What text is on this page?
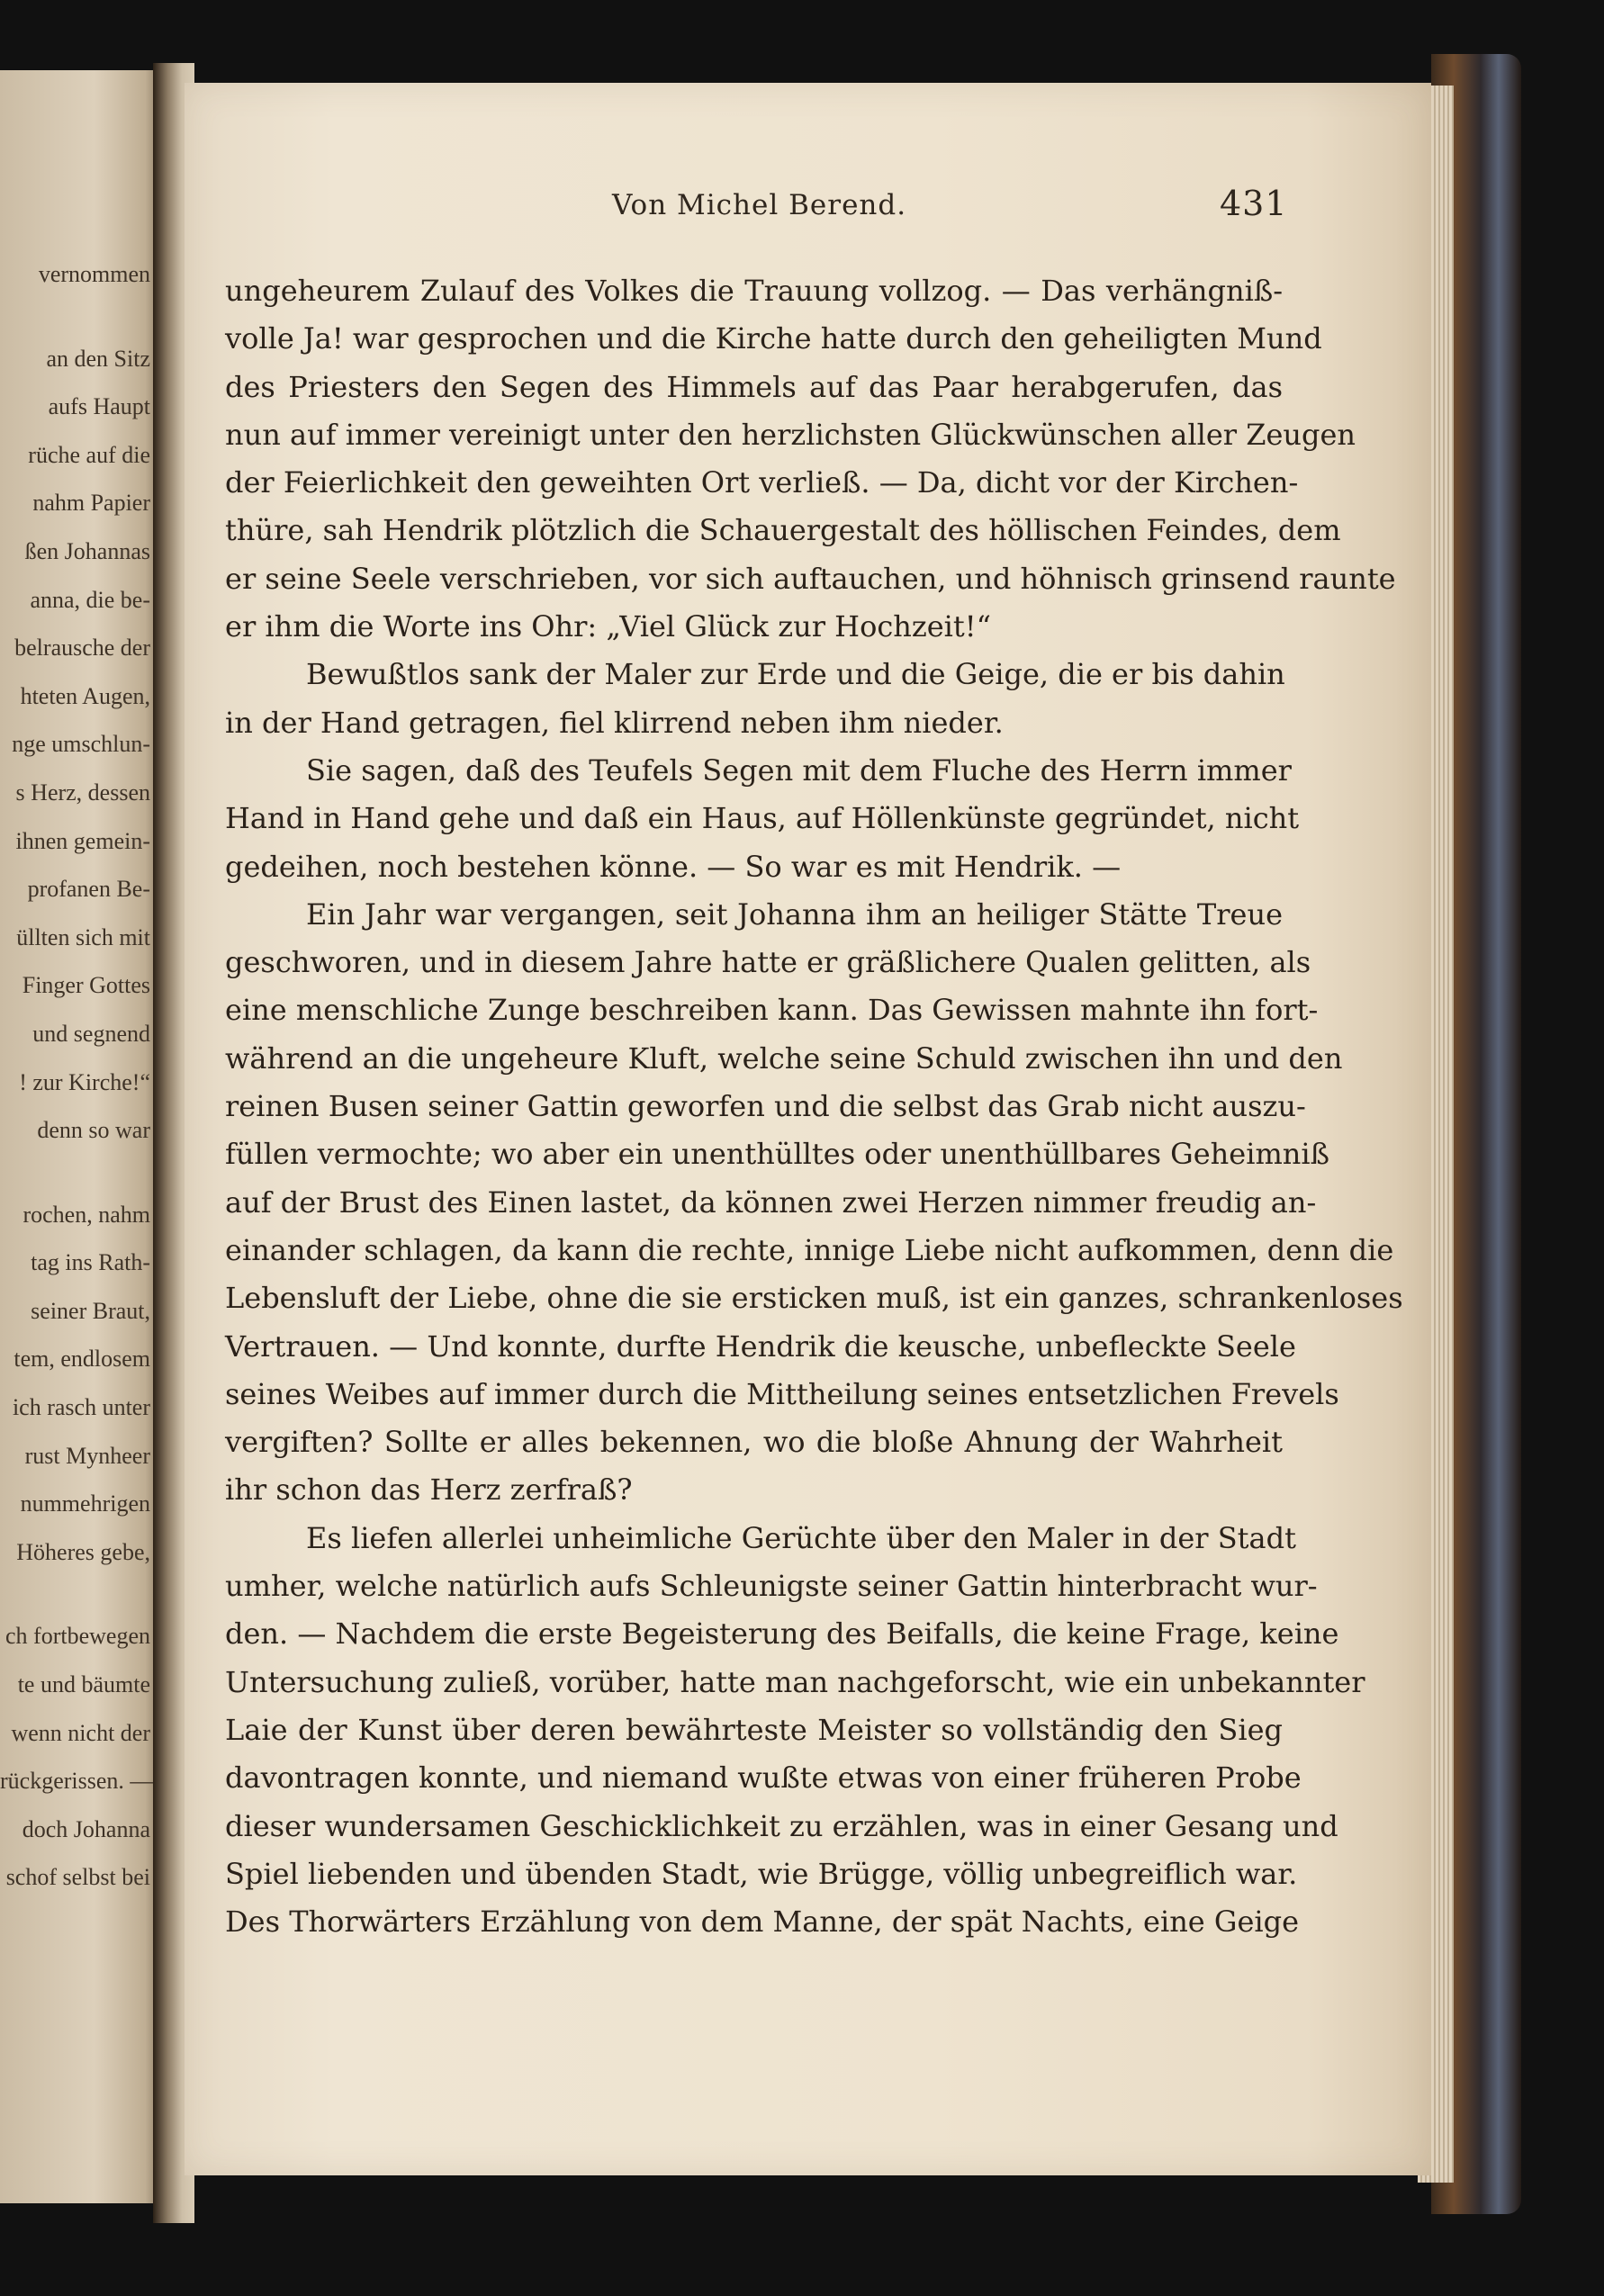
vernommen
an den Sitz
aufs Haupt
rüche auf die
nahm Papier
ßen Johannas
anna, die be-
belrausche der
hteten Augen,
nge umschlun-
s Herz, dessen
ihnen gemein-
profanen Be-
üllten sich mit
Finger Gottes
und segnend
! zur Kirche!“
denn so war
rochen, nahm
tag ins Rath-
seiner Braut,
tem, endlosem
ich rasch unter
rust Mynheer
nummehrigen
Höheres gebe,
ch fortbewegen
te und bäumte
wenn nicht der
rückgerissen. —
doch Johanna
schof selbst bei
Von Michel Berend.	431
ungeheurem Zulauf des Volkes die Trauung vollzog. — Das verhängniß-
volle Ja! war gesprochen und die Kirche hatte durch den geheiligten Mund
des Priesters den Segen des Himmels auf das Paar herabgerufen, das
nun auf immer vereinigt unter den herzlichsten Glückwünschen aller Zeugen
der Feierlichkeit den geweihten Ort verließ. — Da, dicht vor der Kirchen-
thüre, sah Hendrik plötzlich die Schauergestalt des höllischen Feindes, dem
er seine Seele verschrieben, vor sich auftauchen, und höhnisch grinsend raunte
er ihm die Worte ins Ohr: „Viel Glück zur Hochzeit!“
Bewußtlos sank der Maler zur Erde und die Geige, die er bis dahin
in der Hand getragen, fiel klirrend neben ihm nieder.
Sie sagen, daß des Teufels Segen mit dem Fluche des Herrn immer
Hand in Hand gehe und daß ein Haus, auf Höllenkünste gegründet, nicht
gedeihen, noch bestehen könne. — So war es mit Hendrik. —
Ein Jahr war vergangen, seit Johanna ihm an heiliger Stätte Treue
geschworen, und in diesem Jahre hatte er gräßlichere Qualen gelitten, als
eine menschliche Zunge beschreiben kann. Das Gewissen mahnte ihn fort-
während an die ungeheure Kluft, welche seine Schuld zwischen ihn und den
reinen Busen seiner Gattin geworfen und die selbst das Grab nicht auszu-
füllen vermochte; wo aber ein unenthülltes oder unenthüllbares Geheimniß
auf der Brust des Einen lastet, da können zwei Herzen nimmer freudig an-
einander schlagen, da kann die rechte, innige Liebe nicht aufkommen, denn die
Lebensluft der Liebe, ohne die sie ersticken muß, ist ein ganzes, schrankenloses
Vertrauen. — Und konnte, durfte Hendrik die keusche, unbefleckte Seele
seines Weibes auf immer durch die Mittheilung seines entsetzlichen Frevels
vergiften? Sollte er alles bekennen, wo die bloße Ahnung der Wahrheit
ihr schon das Herz zerfraß?
Es liefen allerlei unheimliche Gerüchte über den Maler in der Stadt
umher, welche natürlich aufs Schleunigste seiner Gattin hinterbracht wur-
den. — Nachdem die erste Begeisterung des Beifalls, die keine Frage, keine
Untersuchung zuließ, vorüber, hatte man nachgeforscht, wie ein unbekannter
Laie der Kunst über deren bewährteste Meister so vollständig den Sieg
davontragen konnte, und niemand wußte etwas von einer früheren Probe
dieser wundersamen Geschicklichkeit zu erzählen, was in einer Gesang und
Spiel liebenden und übenden Stadt, wie Brügge, völlig unbegreiflich war.
Des Thorwärters Erzählung von dem Manne, der spät Nachts, eine Geige
